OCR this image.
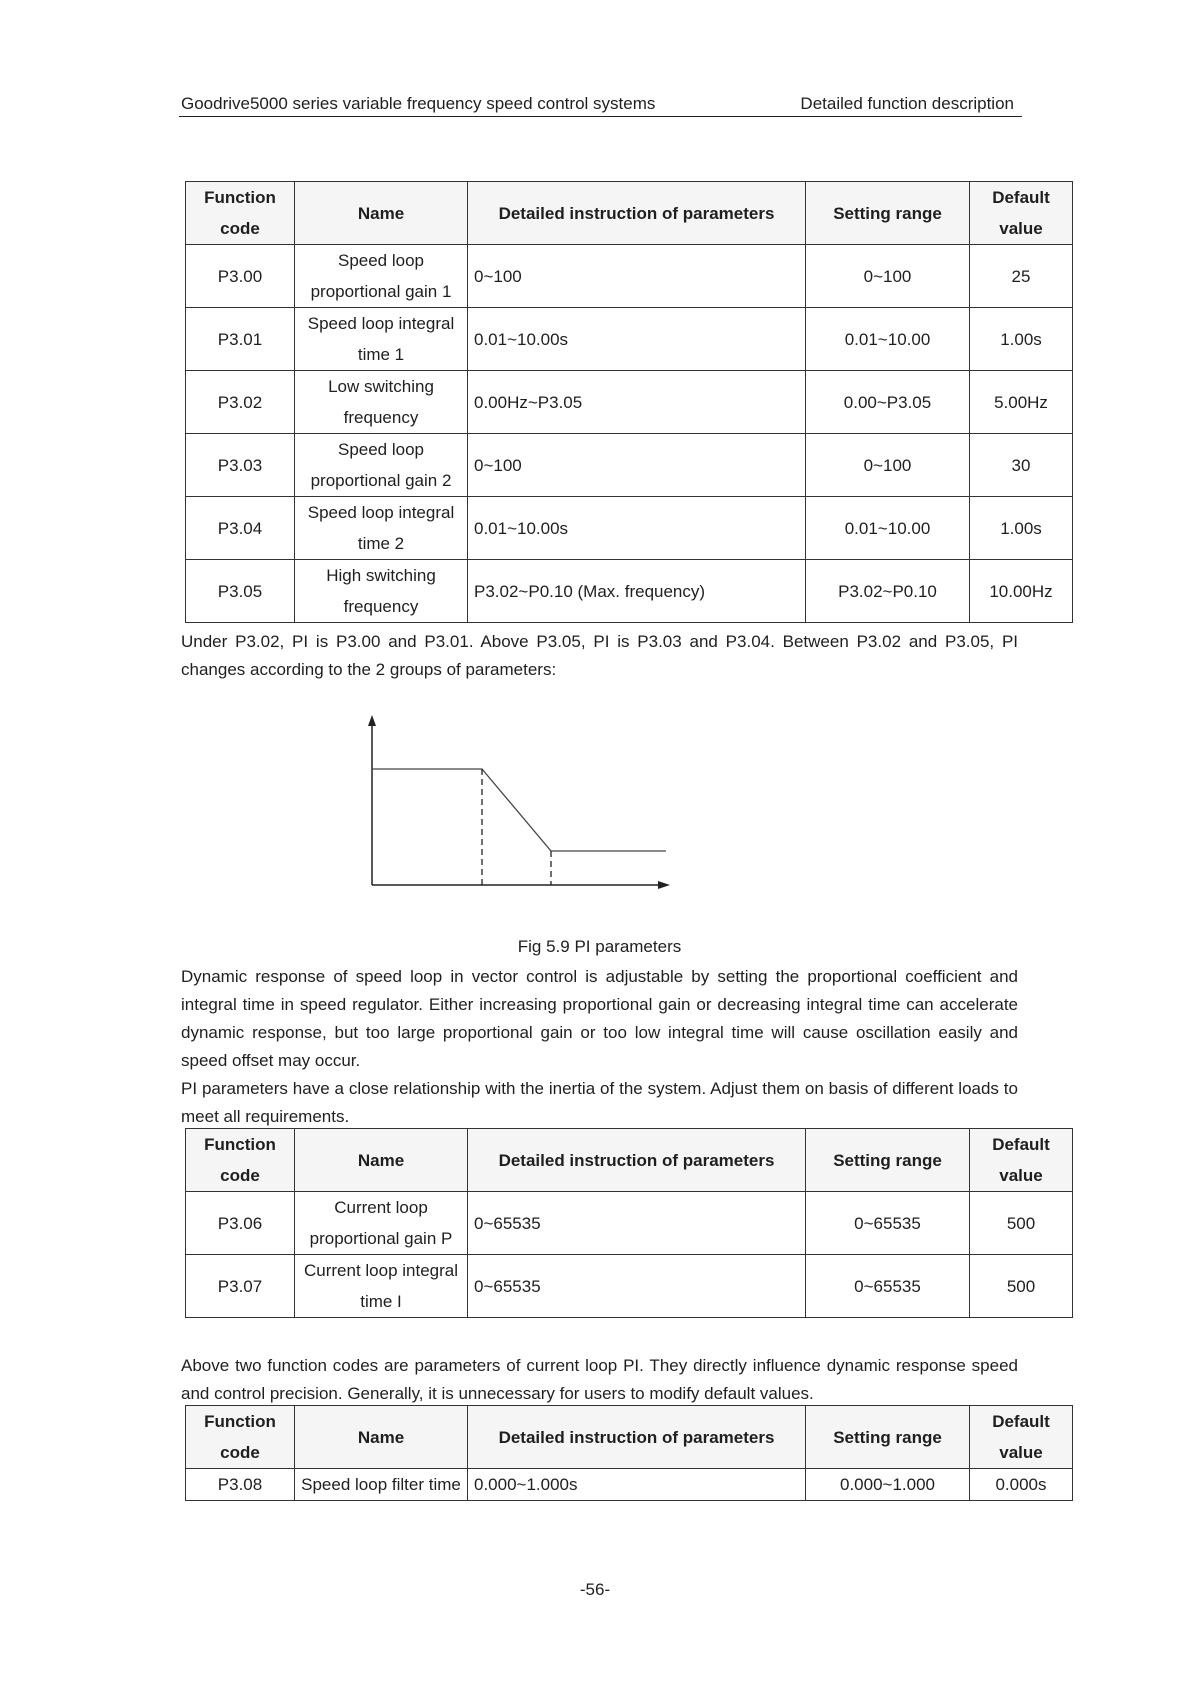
Goodrive5000 series variable frequency speed control systems	Detailed function description
Function code	Name	Detailed instruction of parameters	Setting range	Default value
P3.00	Speed loop proportional gain 1	0~100	0~100	25
P3.01	Speed loop integral time 1	0.01~10.00s	0.01~10.00	1.00s
P3.02	Low switching frequency	0.00Hz~P3.05	0.00~P3.05	5.00Hz
P3.03	Speed loop proportional gain 2	0~100	0~100	30
P3.04	Speed loop integral time 2	0.01~10.00s	0.01~10.00	1.00s
P3.05	High switching frequency	P3.02~P0.10 (Max. frequency)	P3.02~P0.10	10.00Hz
Under P3.02, PI is P3.00 and P3.01. Above P3.05, PI is P3.03 and P3.04. Between P3.02 and P3.05, PI changes according to the 2 groups of parameters:
Fig 5.9 PI parameters
Dynamic response of speed loop in vector control is adjustable by setting the proportional coefficient and integral time in speed regulator. Either increasing proportional gain or decreasing integral time can accelerate dynamic response, but too large proportional gain or too low integral time will cause oscillation easily and speed offset may occur.
PI parameters have a close relationship with the inertia of the system. Adjust them on basis of different loads to meet all requirements.
Function code	Name	Detailed instruction of parameters	Setting range	Default value
P3.06	Current loop proportional gain P	0~65535	0~65535	500
P3.07	Current loop integral time I	0~65535	0~65535	500
Above two function codes are parameters of current loop PI. They directly influence dynamic response speed and control precision. Generally, it is unnecessary for users to modify default values.
Function code	Name	Detailed instruction of parameters	Setting range	Default value
P3.08	Speed loop filter time	0.000~1.000s	0.000~1.000	0.000s
-56-
